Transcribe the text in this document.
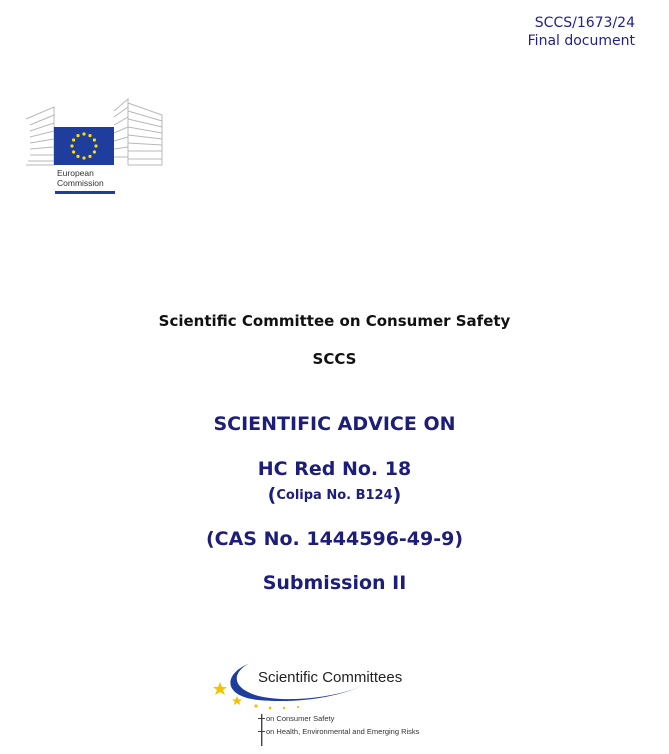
SCCS/1673/24
Final document
European
Commission
Scientific Committee on Consumer Safety
SCCS
SCIENTIFIC ADVICE ON
HC Red No. 18
(Colipa No. B124)
(CAS No. 1444596-49-9)
Submission II
Scientific Committees
on Consumer Safety
on Health, Environmental and Emerging Risks
